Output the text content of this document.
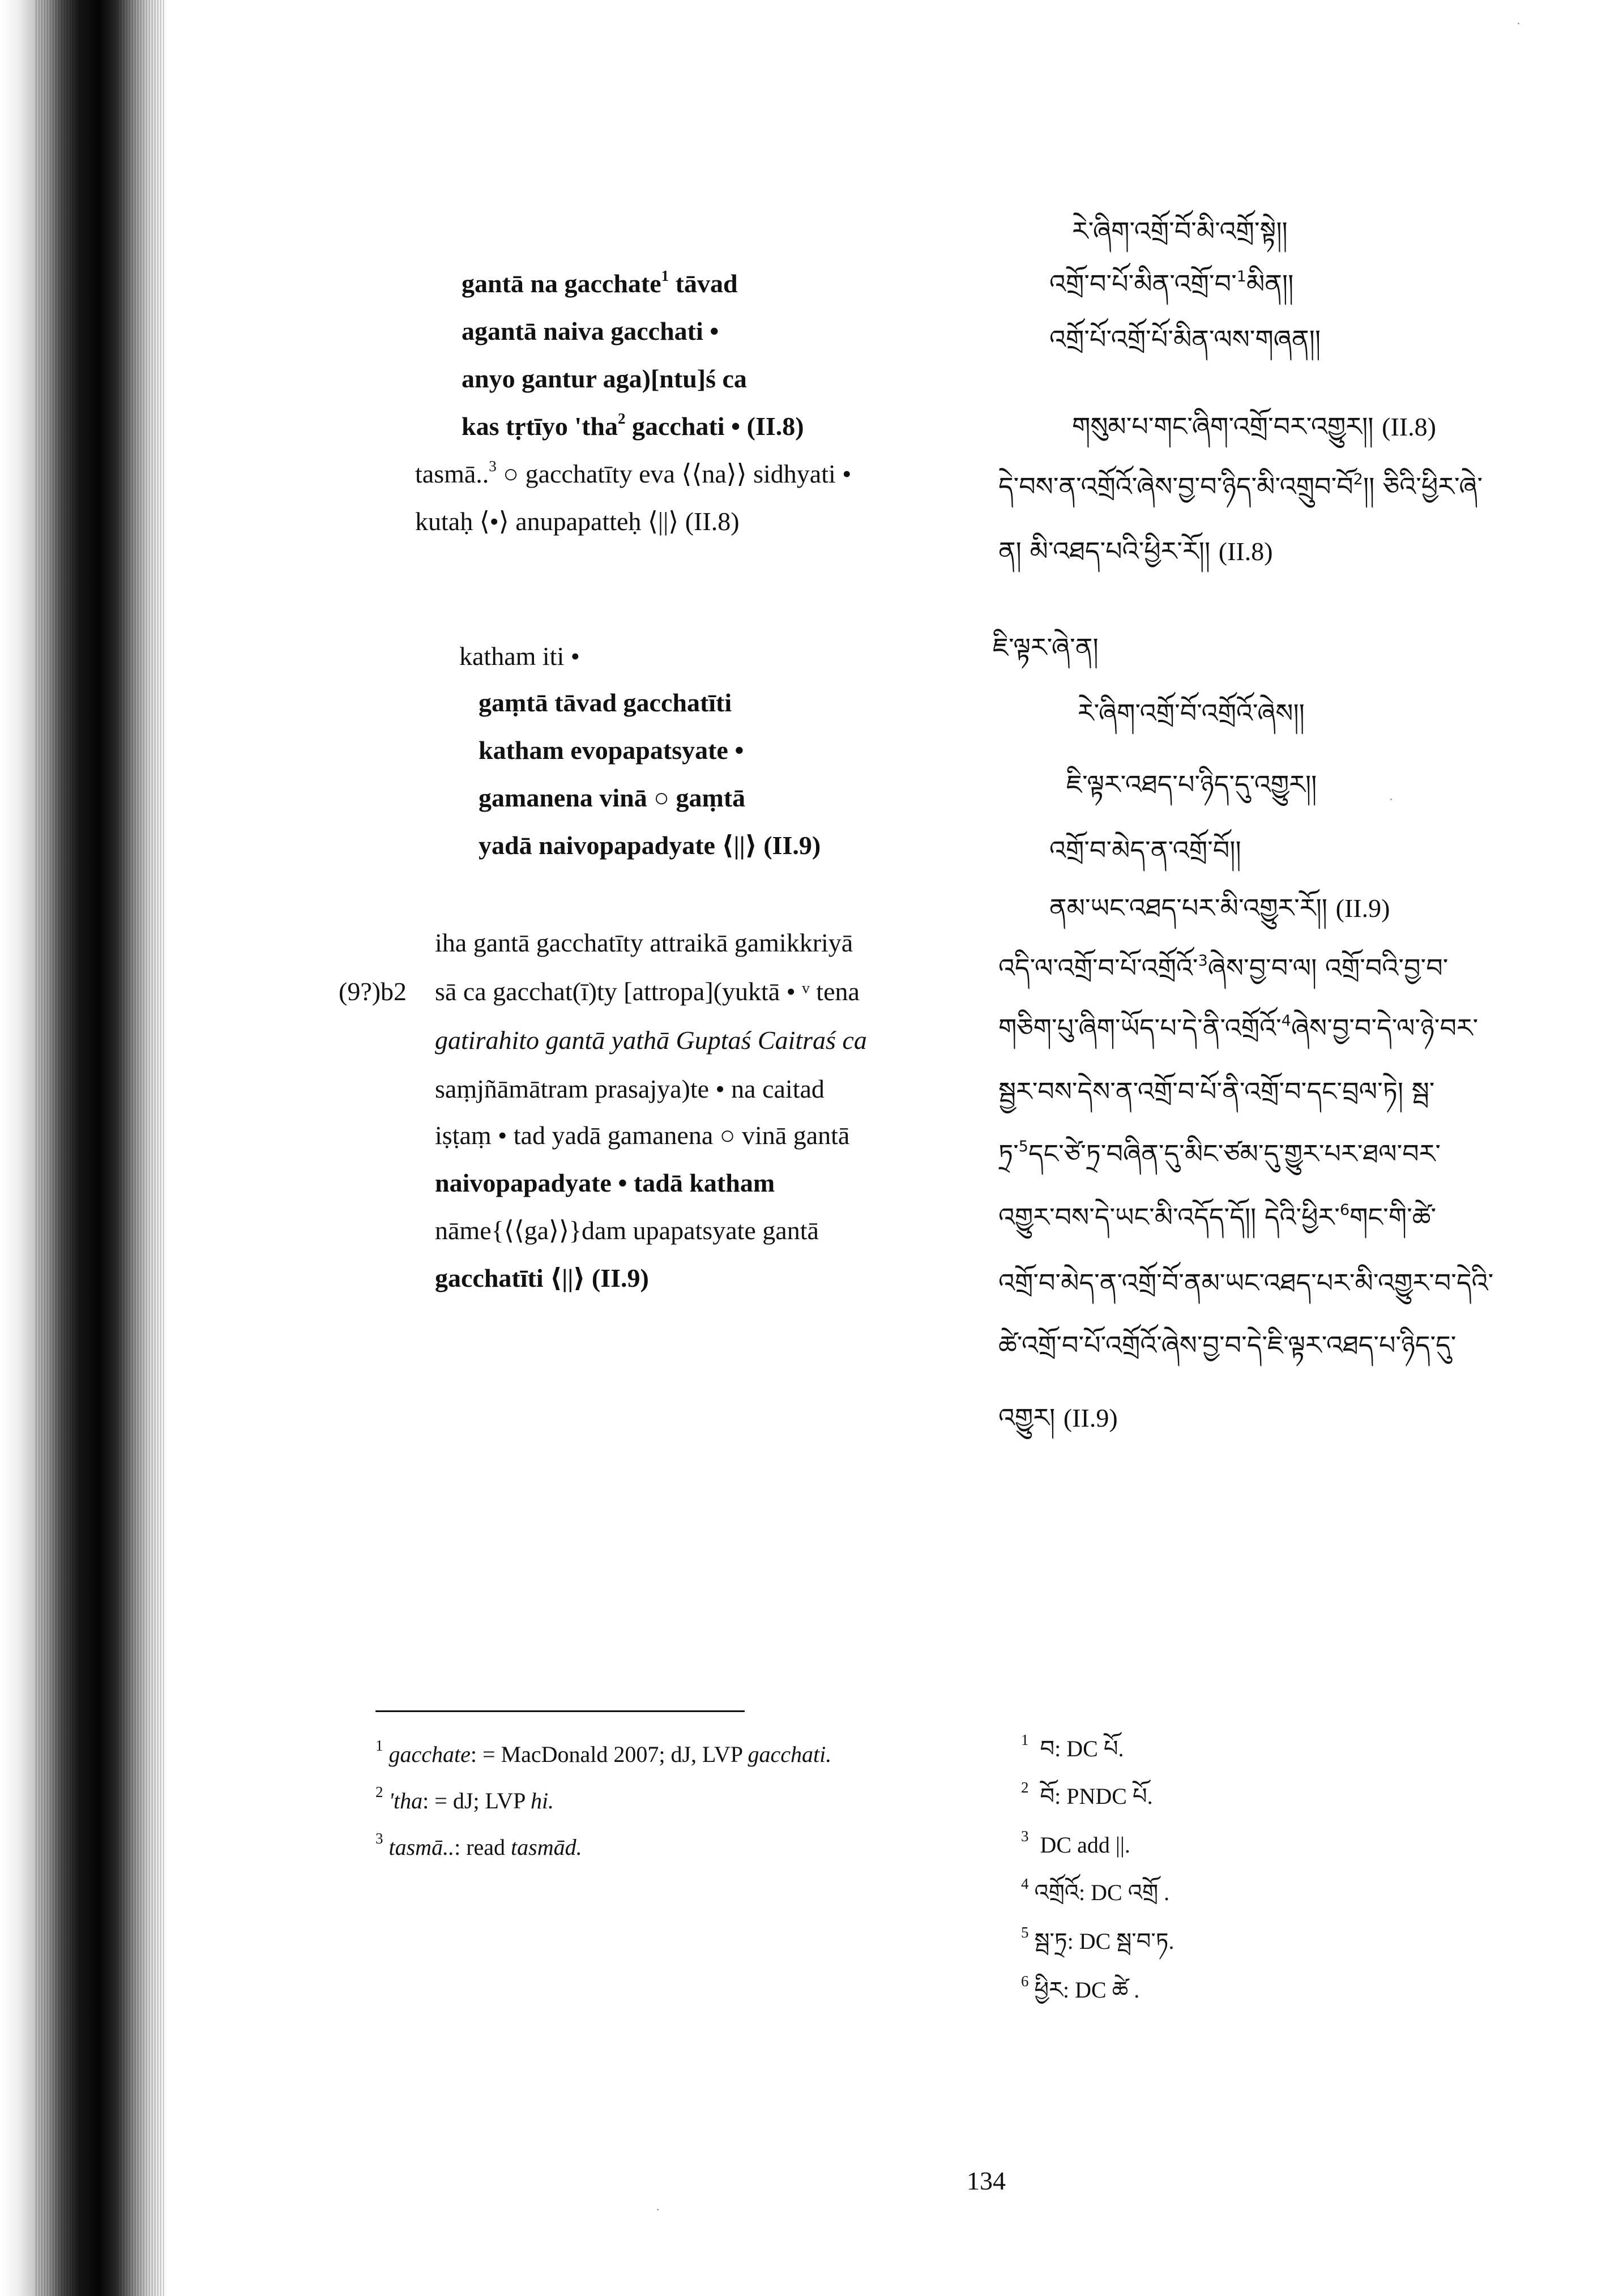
gantā na gacchate$^1$ tāvad
agantā naiva gacchati •
anyo gantur aga)[ntu]ś ca
kas tṛtīyo 'tha$^2$ gacchati • (II.8)
tasmā..$^3$ ○ gacchatīty eva ⟨⟨na⟩⟩ sidhyati •
kutaḥ ⟨•⟩ anupapatteḥ ⟨||⟩ (II.8)
རེ་ཞིག་འགྲོ་བོ་མི་འགྲོ་སྟེ།།
འགྲོ་བ་པོ་མིན་འགྲོ་བ་$^1$མིན།།
འགྲོ་པོ་འགྲོ་པོ་མིན་ལས་གཞན།།
གསུམ་པ་གང་ཞིག་འགྲོ་བར་འགྱུར།། (II.8)
དེ་བས་ན་འགྲོའོ་ཞེས་བྱ་བ་ཉིད་མི་འགྲུབ་བོ$^2$།། ཅིའི་ཕྱིར་ཞེ་
ན། མི་འཐད་པའི་ཕྱིར་རོ།། (II.8)
katham iti •
gaṃtā tāvad gacchatīti
katham evopapatsyate •
gamanena vinā ○ gaṃtā
yadā naivopapadyate ⟨||⟩ (II.9)
ཇི་ལྟར་ཞེ་ན།
རེ་ཞིག་འགྲོ་བོ་འགྲོའོ་ཞེས།།
ཇི་ལྟར་འཐད་པ་ཉིད་དུ་འགྱུར།།
འགྲོ་བ་མེད་ན་འགྲོ་བོ།།
ནམ་ཡང་འཐད་པར་མི་འགྱུར་རོ།། (II.9)
(9?)b2
iha gantā gacchatīty attraikā gamikkriyā
sā ca gacchat(ī)ty [attropa](yuktā • ᵛ tena
gatirahito gantā yathā Guptaś Caitraś ca
saṃjñāmātram prasajya)te • na caitad
iṣṭaṃ • tad yadā gamanena ○ vinā gantā
naivopapadyate • tadā katham
nāme{⟨⟨ga⟩⟩}dam upapatsyate gantā
gacchatīti ⟨||⟩ (II.9)
འདི་ལ་འགྲོ་བ་པོ་འགྲོའོ་$^3$ཞེས་བྱ་བ་ལ། འགྲོ་བའི་བྱ་བ་
གཅིག་པུ་ཞིག་ཡོད་པ་དེ་ནི་འགྲོའོ་$^4$ཞེས་བྱ་བ་དེ་ལ་ཉེ་བར་
སྦྱར་བས་དེས་ན་འགྲོ་བ་པོ་ནི་འགྲོ་བ་དང་བྲལ་ཏེ། སྦ་
ཏྲ་$^5$དང་ཙེ་ཏྲ་བཞིན་དུ་མིང་ཙམ་དུ་གྱུར་པར་ཐལ་བར་
འགྱུར་བས་དེ་ཡང་མི་འདོད་དོ།། དེའི་ཕྱིར་$^6$གང་གི་ཚེ་
འགྲོ་བ་མེད་ན་འགྲོ་བོ་ནམ་ཡང་འཐད་པར་མི་འགྱུར་བ་དེའི་
ཚེ་འགྲོ་བ་པོ་འགྲོའོ་ཞེས་བྱ་བ་དེ་ཇི་ལྟར་འཐད་པ་ཉིད་དུ་
འགྱུར། (II.9)
$^1$ gacchate: = MacDonald 2007; dJ, LVP gacchati.
$^2$ 'tha: = dJ; LVP hi.
$^3$ tasmā..: read tasmād.
$^1$ བ: DC པོ.
$^2$ བོ: PNDC པོ.
$^3$ DC add ||.
$^4$ འགྲོའོ: DC འགྲོ .
$^5$ སྦ་ཏྲ: DC སྦ་བ་ཏ.
$^6$ ཕྱིར: DC ཚེ .
134
